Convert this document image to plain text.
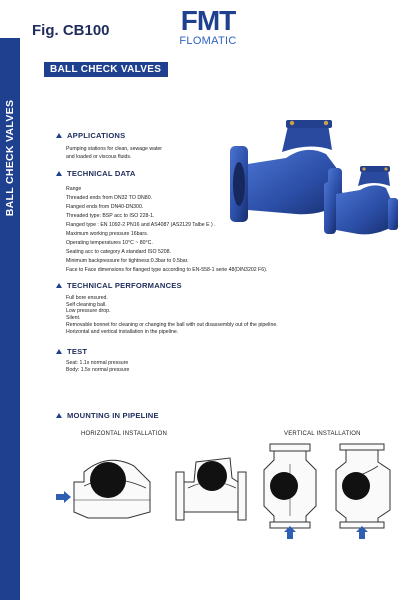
BALL CHECK VALVES
Fig. CB100	FMT
FLOMATIC
BALL CHECK VALVES
APPLICATIONS
Pumping stations for clean, sewage water
and loaded or viscous fluids.
TECHNICAL DATA
Range
Threaded ends from DN32 TO DN80.
Flanged ends from DN40-DN300.
Threaded type: BSP acc to ISO 228-1.
Flanged type : EN 1092-2 PN16 and AS4087 (AS2129 Talbe E ) .
Maximum working pressure 16bars.
Operating temperatures 10°C ~ 80°C.
Seating acc to category A standard ISO 5208.
Minimum backpressure for tightness:0.3bar to 0.5bar.
Face to Face dimensions for flanged type according to EN-558-1 serie 48(DIN3202 F6).
TECHNICAL PERFORMANCES
Full bore ensured.
Self cleaning ball.
Low pressure drop.
Silent.
Removable bonnet for cleaning or changing the ball with out disassembly out of the pipeline.
Horizontal and vertical installation in the pipeline.
TEST
Seat: 1.1x normal pressure
Body: 1.5x normal pressure
MOUNTING IN PIPELINE
HORIZONTAL INSTALLATION	VERTICAL INSTALLATION
